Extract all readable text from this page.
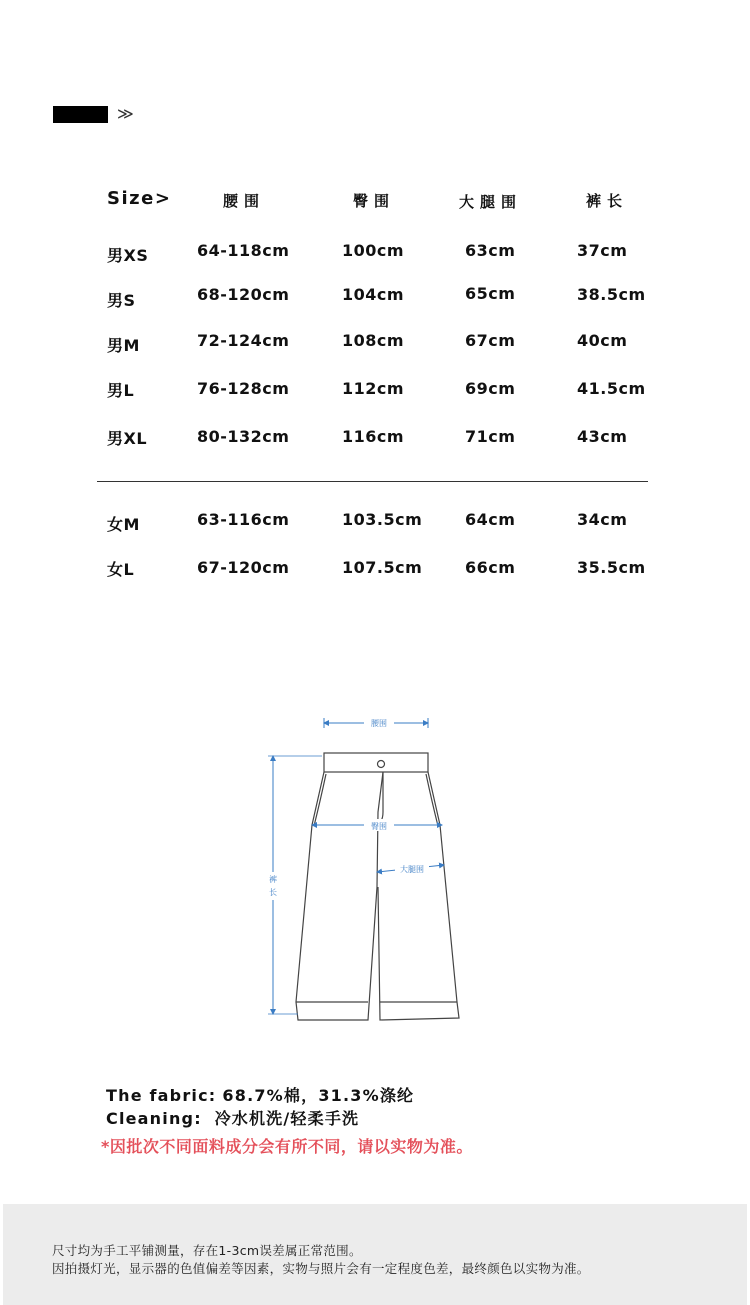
≫
Size>	腰围	臀围	大腿围	裤长
男XS	64-118cm	100cm	63cm	37cm
男S	68-120cm	104cm	65cm	38.5cm
男M	72-124cm	108cm	67cm	40cm
男L	76-128cm	112cm	69cm	41.5cm
男XL	80-132cm	116cm	71cm	43cm
女M	63-116cm	103.5cm	64cm	34cm
女L	67-120cm	107.5cm	66cm	35.5cm
腰围
臀围
大腿围
裤
长
The fabric: 68.7%棉，31.3%涤纶
Cleaning: 冷水机洗/轻柔手洗
*因批次不同面料成分会有所不同，请以实物为准。
尺寸均为手工平铺测量，存在1-3cm误差属正常范围。
因拍摄灯光，显示器的色值偏差等因素，实物与照片会有一定程度色差，最终颜色以实物为准。
